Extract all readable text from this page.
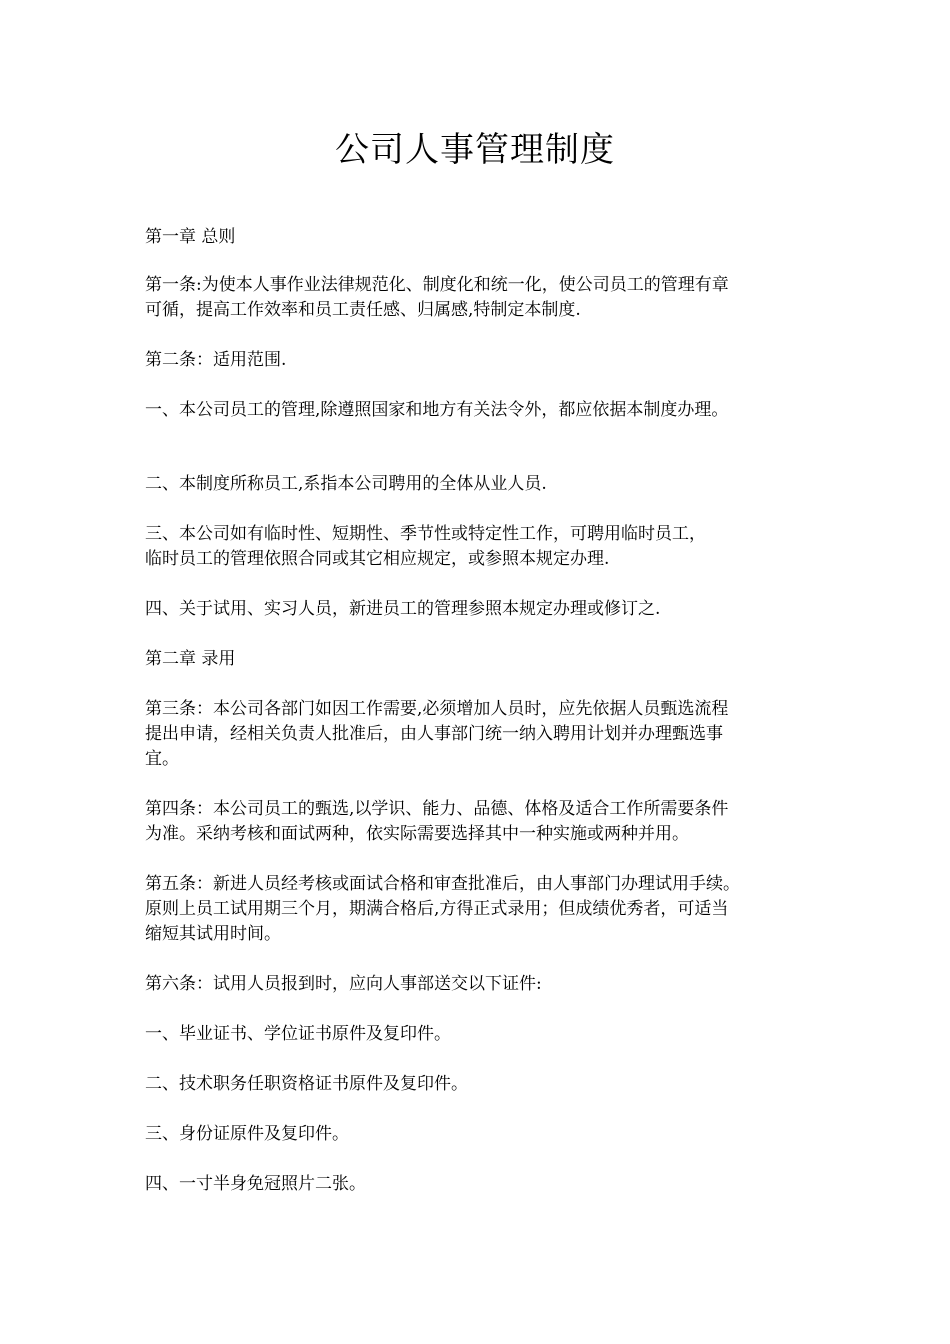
公司人事管理制度
第一章 总则
第一条:为使本人事作业法律规范化、制度化和统一化，使公司员工的管理有章
可循，提高工作效率和员工责任感、归属感,特制定本制度.
第二条：适用范围.
一、本公司员工的管理,除遵照国家和地方有关法令外，都应依据本制度办理。
二、本制度所称员工,系指本公司聘用的全体从业人员.
三、本公司如有临时性、短期性、季节性或特定性工作，可聘用临时员工，
临时员工的管理依照合同或其它相应规定，或参照本规定办理.
四、关于试用、实习人员，新进员工的管理参照本规定办理或修订之.
第二章 录用
第三条：本公司各部门如因工作需要,必须增加人员时，应先依据人员甄选流程
提出申请，经相关负责人批准后，由人事部门统一纳入聘用计划并办理甄选事
宜。
第四条：本公司员工的甄选,以学识、能力、品德、体格及适合工作所需要条件
为准。采纳考核和面试两种，依实际需要选择其中一种实施或两种并用。
第五条：新进人员经考核或面试合格和审查批准后，由人事部门办理试用手续。
原则上员工试用期三个月，期满合格后,方得正式录用；但成绩优秀者，可适当
缩短其试用时间。
第六条：试用人员报到时，应向人事部送交以下证件:
一、毕业证书、学位证书原件及复印件。
二、技术职务任职资格证书原件及复印件。
三、身份证原件及复印件。
四、一寸半身免冠照片二张。
